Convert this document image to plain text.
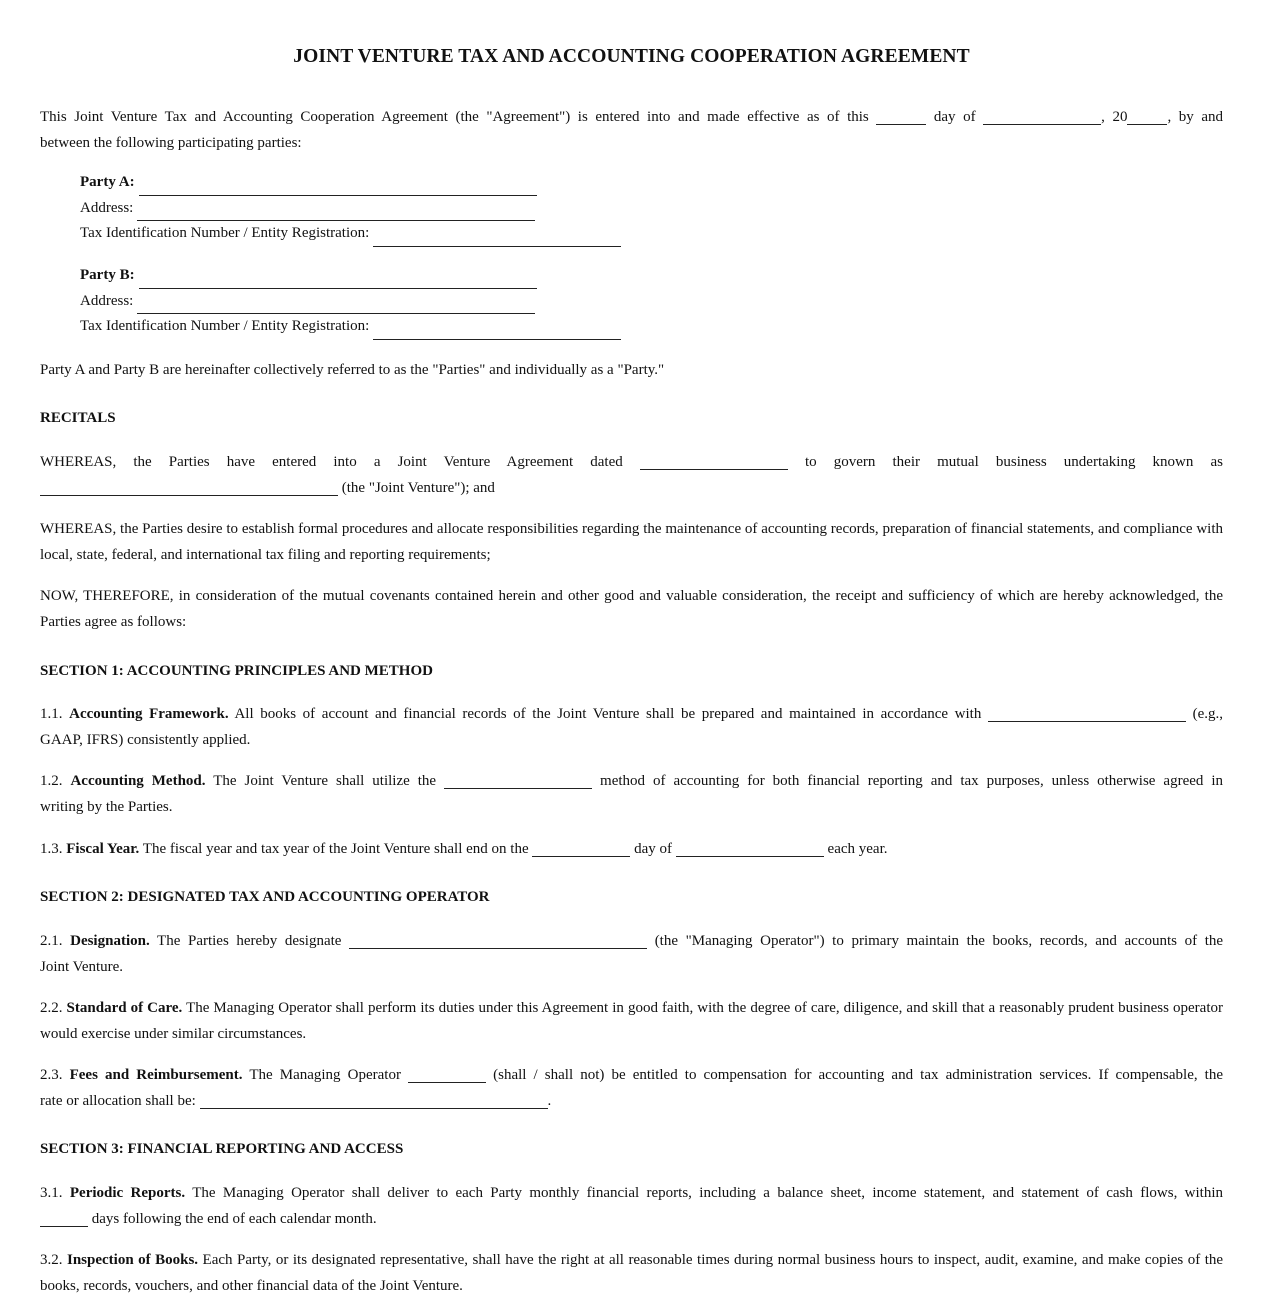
JOINT VENTURE TAX AND ACCOUNTING COOPERATION AGREEMENT
This Joint Venture Tax and Accounting Cooperation Agreement (the "Agreement") is entered into and made effective as of this	day of	, 20	, by and
between the following participating parties:
Party A:
Address:
Tax Identification Number / Entity Registration:
Party B:
Address:
Tax Identification Number / Entity Registration:
Party A and Party B are hereinafter collectively referred to as the "Parties" and individually as a "Party."
RECITALS
WHEREAS, the Parties have entered into a Joint Venture Agreement dated	to govern their mutual business undertaking known as
(the "Joint Venture"); and
WHEREAS, the Parties desire to establish formal procedures and allocate responsibilities regarding the maintenance of accounting records, preparation of financial statements, and compliance with local, state, federal, and international tax filing and reporting requirements;
NOW, THEREFORE, in consideration of the mutual covenants contained herein and other good and valuable consideration, the receipt and sufficiency of which are hereby acknowledged, the Parties agree as follows:
SECTION 1: ACCOUNTING PRINCIPLES AND METHOD
1.1. Accounting Framework. All books of account and financial records of the Joint Venture shall be prepared and maintained in accordance with	(e.g.,
GAAP, IFRS) consistently applied.
1.2. Accounting Method. The Joint Venture shall utilize the	method of accounting for both financial reporting and tax purposes, unless otherwise agreed in
writing by the Parties.
1.3. Fiscal Year. The fiscal year and tax year of the Joint Venture shall end on the	day of	each year.
SECTION 2: DESIGNATED TAX AND ACCOUNTING OPERATOR
2.1. Designation. The Parties hereby designate	(the "Managing Operator") to primary maintain the books, records, and accounts of the
Joint Venture.
2.2. Standard of Care. The Managing Operator shall perform its duties under this Agreement in good faith, with the degree of care, diligence, and skill that a reasonably prudent business operator would exercise under similar circumstances.
2.3. Fees and Reimbursement. The Managing Operator	(shall / shall not) be entitled to compensation for accounting and tax administration services. If compensable, the
rate or allocation shall be:	.
SECTION 3: FINANCIAL REPORTING AND ACCESS
3.1. Periodic Reports. The Managing Operator shall deliver to each Party monthly financial reports, including a balance sheet, income statement, and statement of cash flows, within
days following the end of each calendar month.
3.2. Inspection of Books. Each Party, or its designated representative, shall have the right at all reasonable times during normal business hours to inspect, audit, examine, and make copies of the books, records, vouchers, and other financial data of the Joint Venture.
